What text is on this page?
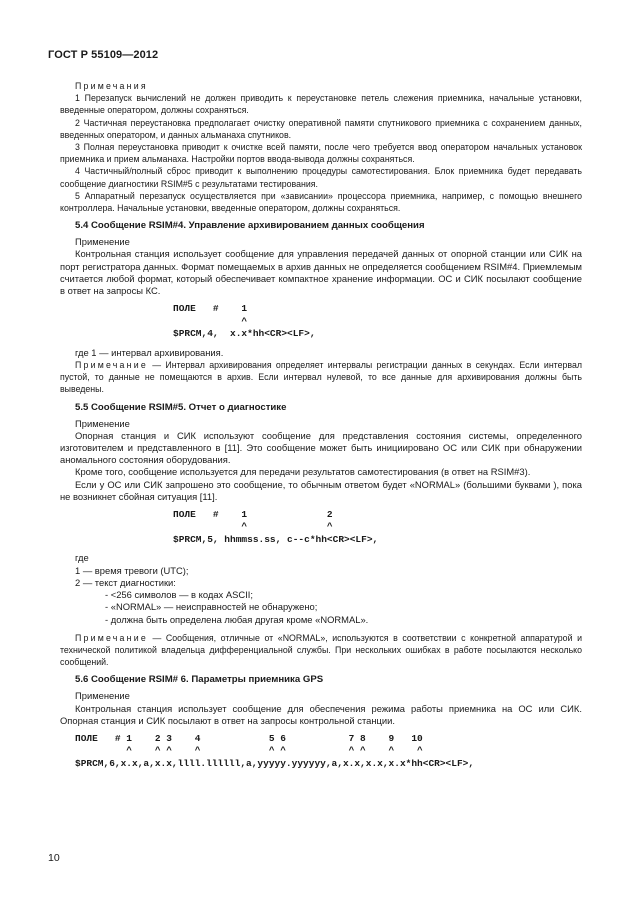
ГОСТ Р 55109—2012

Примечания

1 Перезапуск вычислений не должен приводить к переустановке петель слежения приемника, начальные установки, введенные оператором, должны сохраняться.

2 Частичная переустановка предполагает очистку оперативной памяти спутникового приемника с сохранением данных, введенных оператором, и данных альманаха спутников.

3 Полная переустановка приводит к очистке всей памяти, после чего требуется ввод оператором начальных установок приемника и прием альманаха. Настройки портов ввода-вывода должны сохраняться.

4 Частичный/полный сброс приводит к выполнению процедуры самотестирования. Блок приемника будет передавать сообщение диагностики RSIM#5 с результатами тестирования.

5 Аппаратный перезапуск осуществляется при «зависании» процессора приемника, например, с помощью внешнего контроллера. Начальные установки, введенные оператором, должны сохраняться.

5.4 Сообщение RSIM#4. Управление архивированием данных сообщения

Применение

Контрольная станция использует сообщение для управления передачей данных от опорной станции или СИК на порт регистратора данных. Формат помещаемых в архив данных не определяется сообщением RSIM#4. Приемлемым считается любой формат, который обеспечивает компактное хранение информации. ОС и СИК посылают сообщение в ответ на запросы КС.

ПОЛЕ   #    1
^
$PRCM,4,  x.x*hh<CR><LF>,

где 1 — интервал архивирования.

Примечание — Интервал архивирования определяет интервалы регистрации данных в секундах. Если интервал пустой, то данные не помещаются в архив. Если интервал нулевой, то все данные для архивирования должны быть выведены.

5.5 Сообщение RSIM#5. Отчет о диагностике

Применение

Опорная станция и СИК используют сообщение для представления состояния системы, определенного изготовителем и представленного в [11]. Это сообщение может быть инициировано ОС или СИК при обнаружении аномального состояния оборудования.

Кроме того, сообщение используется для передачи результатов самотестирования (в ответ на RSIM#3).

Если у ОС или СИК запрошено это сообщение, то обычным ответом будет «NORMAL» (большими буквами ), пока не возникнет сбойная ситуация [11].

ПОЛЕ   #    1              2
^              ^
$PRCM,5, hhmmss.ss, c--c*hh<CR><LF>,

где

1 — время тревоги (UTC);

2 — текст диагностики:

- <256 символов — в кодах ASCII;
- «NORMAL» — неисправностей не обнаружено;
- должна быть определена любая другая кроме «NORMAL».

Примечание — Сообщения, отличные от «NORMAL», используются в соответствии с конкретной аппаратурой и технической политикой владельца дифференциальной службы. При нескольких ошибках в работе посылаются несколько сообщений.

5.6 Сообщение RSIM# 6. Параметры приемника GPS

Применение

Контрольная станция использует сообщение для обеспечения режима работы приемника на ОС или СИК. Опорная станция и СИК посылают в ответ на запросы контрольной станции.

ПОЛЕ   # 1    2 3    4            5 6           7 8    9   10
^    ^ ^    ^            ^ ^           ^ ^    ^    ^
$PRCM,6,x.x,a,x.x,llll.llllll,a,yyyyy.yyyyyy,a,x.x,x.x,x.x*hh<CR><LF>,
10
